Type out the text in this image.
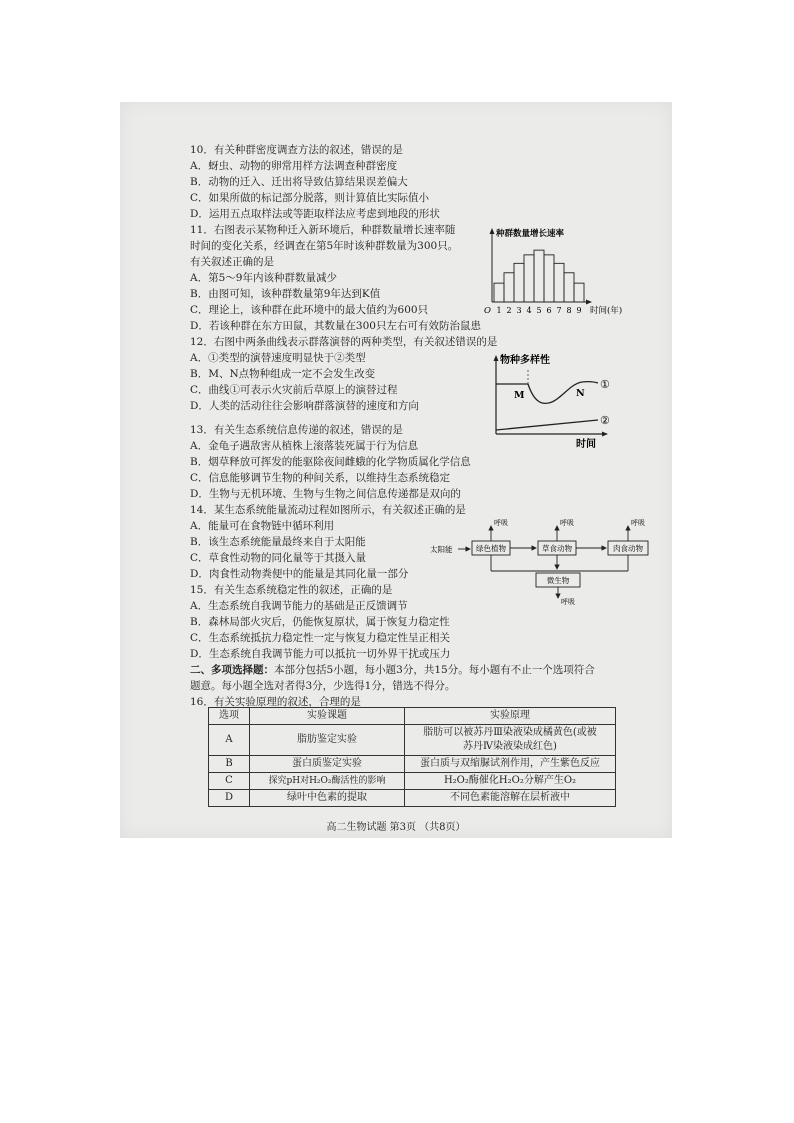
10．有关种群密度调查方法的叙述，错误的是
A．蚜虫、动物的卵常用样方法调查种群密度
B．动物的迁入、迁出将导致估算结果误差偏大
C．如果所做的标记部分脱落，则计算值比实际值小
D．运用五点取样法或等距取样法应考虑到地段的形状
11．右图表示某物种迁入新环境后，种群数量增长速率随
时间的变化关系，经调查在第5年时该种群数量为300只。
有关叙述正确的是
A．第5～9年内该种群数量减少
B．由图可知，该种群数量第9年达到K值
C．理论上，该种群在此环境中的最大值约为600只
D．若该种群在东方田鼠，其数量在300只左右可有效防治鼠患
种群数量增长速率
时间(年)
O 1 2 3 4 5 6 7 8 9
12．右图中两条曲线表示群落演替的两种类型，有关叙述错误的是
A．①类型的演替速度明显快于②类型
B．M、N点物种组成一定不会发生改变
C．曲线①可表示火灾前后草原上的演替过程
D．人类的活动往往会影响群落演替的速度和方向
物种多样性
时间
M	N
①
②
13．有关生态系统信息传递的叙述，错误的是
A．金龟子遇敌害从植株上滚落装死属于行为信息
B．烟草释放可挥发的能驱除夜间雌蛾的化学物质属化学信息
C．信息能够调节生物的种间关系，以维持生态系统稳定
D．生物与无机环境、生物与生物之间信息传递都是双向的
14．某生态系统能量流动过程如图所示，有关叙述正确的是
A．能量可在食物链中循环利用
B．该生态系统能量最终来自于太阳能
C．草食性动物的同化量等于其摄入量
D．肉食性动物粪便中的能量是其同化量一部分
太阳能	绿色植物	草食动物	肉食动物
呼吸	呼吸	呼吸
微生物
呼吸
15．有关生态系统稳定性的叙述，正确的是
A．生态系统自我调节能力的基础是正反馈调节
B．森林局部火灾后，仍能恢复原状，属于恢复力稳定性
C．生态系统抵抗力稳定性一定与恢复力稳定性呈正相关
D．生态系统自我调节能力可以抵抗一切外界干扰或压力
二、多项选择题：本部分包括5小题，每小题3分，共15分。每小题有不止一个选项符合
题意。每小题全选对者得3分，少选得1分，错选不得分。
16．有关实验原理的叙述，合理的是
选项	实验课题	实验原理
A	脂肪鉴定实验	脂肪可以被苏丹Ⅲ染液染成橘黄色(或被
苏丹Ⅳ染液染成红色)

B	蛋白质鉴定实验	蛋白质与双缩脲试剂作用，产生紫色反应
C	探究pH对H₂O₂酶活性的影响	H₂O₂酶催化H₂O₂分解产生O₂
D	绿叶中色素的提取	不同色素能溶解在层析液中
高二生物试题 第3页 （共8页）
